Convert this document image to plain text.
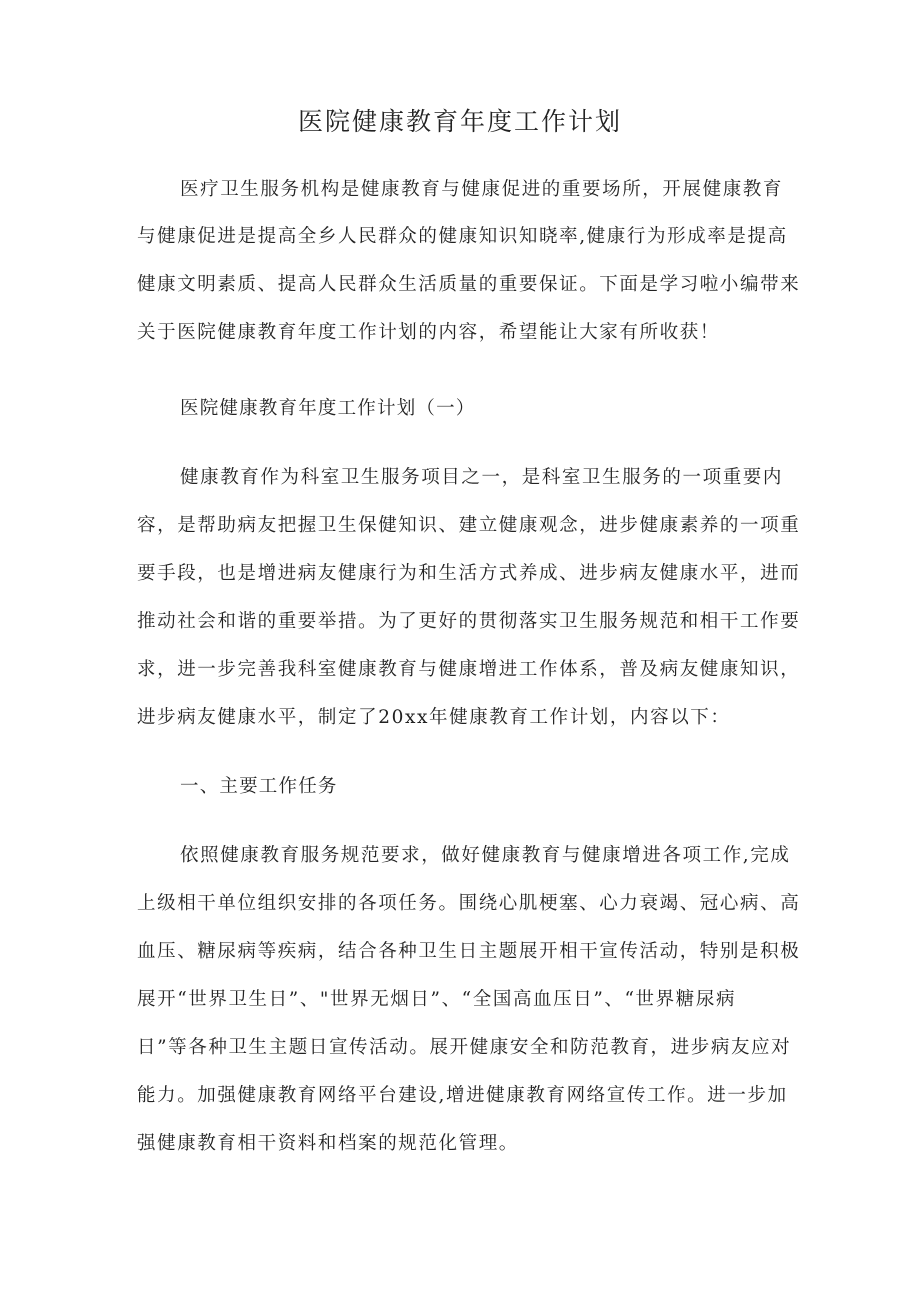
医院健康教育年度工作计划

医疗卫生服务机构是健康教育与健康促进的重要场所，开展健康教育

与健康促进是提高全乡人民群众的健康知识知晓率,健康行为形成率是提高

健康文明素质、提高人民群众生活质量的重要保证。下面是学习啦小编带来

关于医院健康教育年度工作计划的内容，希望能让大家有所收获！

医院健康教育年度工作计划（一）

健康教育作为科室卫生服务项目之一，是科室卫生服务的一项重要内

容，是帮助病友把握卫生保健知识、建立健康观念，进步健康素养的一项重

要手段，也是增进病友健康行为和生活方式养成、进步病友健康水平，进而

推动社会和谐的重要举措。为了更好的贯彻落实卫生服务规范和相干工作要

求，进一步完善我科室健康教育与健康增进工作体系，普及病友健康知识，

进步病友健康水平，制定了20xx年健康教育工作计划，内容以下：

一、主要工作任务

依照健康教育服务规范要求，做好健康教育与健康增进各项工作,完成

上级相干单位组织安排的各项任务。围绕心肌梗塞、心力衰竭、冠心病、高

血压、糖尿病等疾病，结合各种卫生日主题展开相干宣传活动，特别是积极

展开“世界卫生日”、"世界无烟日”、“全国高血压日”、“世界糖尿病

日”等各种卫生主题日宣传活动。展开健康安全和防范教育，进步病友应对

能力。加强健康教育网络平台建设,增进健康教育网络宣传工作。进一步加

强健康教育相干资料和档案的规范化管理。
